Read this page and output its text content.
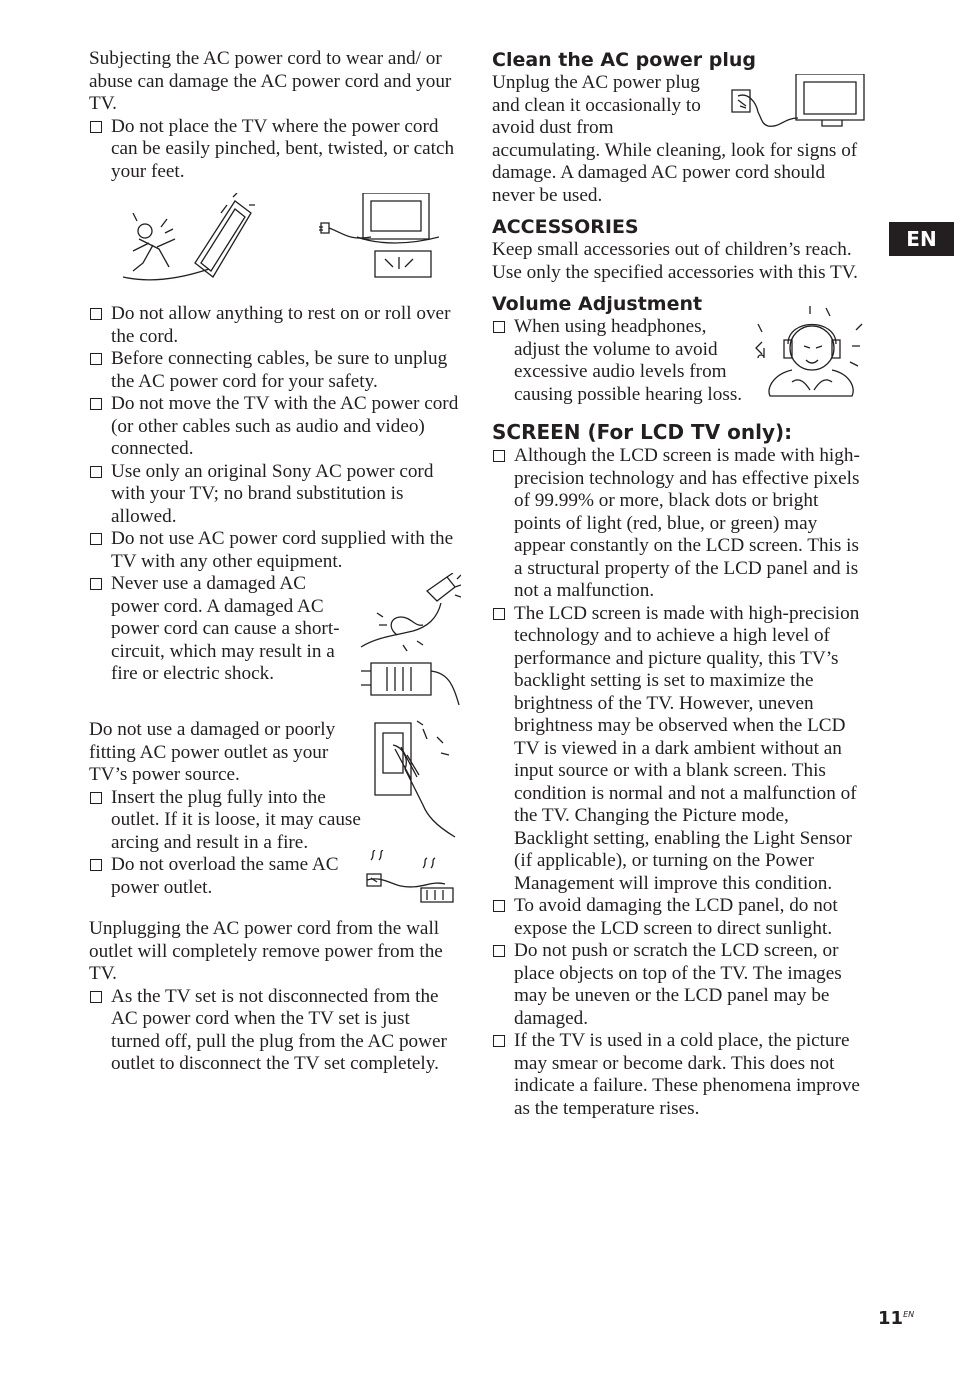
EN

Subjecting the AC power cord to wear and/ or abuse can damage the AC power cord and your TV.

Do not place the TV where the power cord can be easily pinched, bent, twisted, or catch your feet.
Do not allow anything to rest on or roll over the cord.
Before connecting cables, be sure to unplug the AC power cord for your safety.
Do not move the TV with the AC power cord (or other cables such as audio and video) connected.
Use only an original Sony AC power cord with your TV; no brand substitution is allowed.
Do not use AC power cord supplied with the TV with any other equipment.
Never use a damaged AC power cord. A damaged AC power cord can cause a short-circuit, which may result in a fire or electric shock.

Do not use a damaged or poorly fitting AC power outlet as your TV’s power source.

Insert the plug fully into the outlet. If it is loose, it may cause arcing and result in a fire.
Do not overload the same AC power outlet.

Unplugging the AC power cord from the wall outlet will completely remove power from the TV.

As the TV set is not disconnected from the AC power cord when the TV set is just turned off, pull the plug from the AC power outlet to disconnect the TV set completely.
Clean the AC power plug

Unplug the AC power plug and clean it occasionally to avoid dust from accumulating. While cleaning, look for signs of damage. A damaged AC power cord should never be used.

ACCESSORIES

Keep small accessories out of children’s reach. Use only the specified accessories with this TV.

Volume Adjustment
When using headphones, adjust the volume to avoid excessive audio levels from causing possible hearing loss.
SCREEN (For LCD TV only):
Although the LCD screen is made with high-precision technology and has effective pixels of 99.99% or more, black dots or bright points of light (red, blue, or green) may appear constantly on the LCD screen. This is a structural property of the LCD panel and is not a malfunction.
The LCD screen is made with high-precision technology and to achieve a high level of performance and picture quality, this TV’s backlight setting is set to maximize the brightness of the TV. However, uneven brightness may be observed when the LCD TV is viewed in a dark ambient without an input source or with a blank screen. This condition is normal and not a malfunction of the TV. Changing the Picture mode, Backlight setting, enabling the Light Sensor (if applicable), or turning on the Power Management will improve this condition.
To avoid damaging the LCD panel, do not expose the LCD screen to direct sunlight.
Do not push or scratch the LCD screen, or place objects on top of the TV. The images may be uneven or the LCD panel may be damaged.
If the TV is used in a cold place, the picture may smear or become dark. This does not indicate a failure. These phenomena improve as the temperature rises.
$11^{EN}$
